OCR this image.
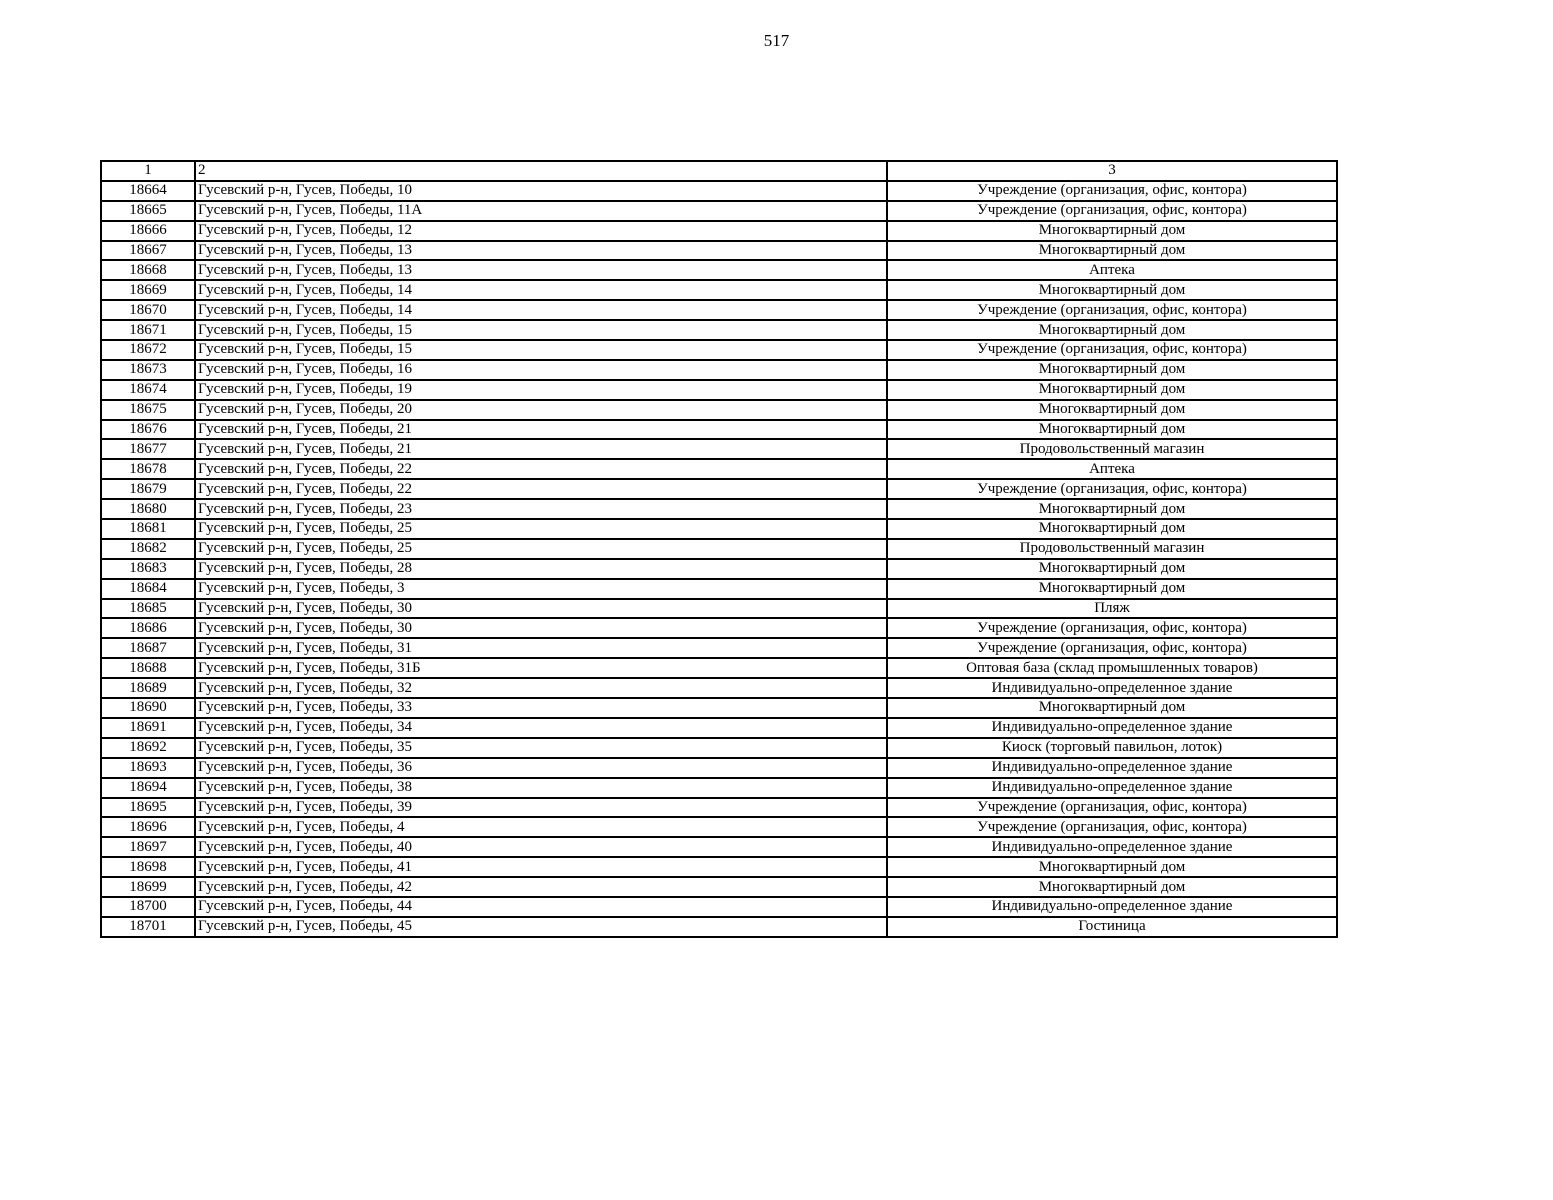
517
1	2	3
18664	Гусевский р-н, Гусев, Победы, 10	Учреждение (организация, офис, контора)
18665	Гусевский р-н, Гусев, Победы, 11А	Учреждение (организация, офис, контора)
18666	Гусевский р-н, Гусев, Победы, 12	Многоквартирный дом
18667	Гусевский р-н, Гусев, Победы, 13	Многоквартирный дом
18668	Гусевский р-н, Гусев, Победы, 13	Аптека
18669	Гусевский р-н, Гусев, Победы, 14	Многоквартирный дом
18670	Гусевский р-н, Гусев, Победы, 14	Учреждение (организация, офис, контора)
18671	Гусевский р-н, Гусев, Победы, 15	Многоквартирный дом
18672	Гусевский р-н, Гусев, Победы, 15	Учреждение (организация, офис, контора)
18673	Гусевский р-н, Гусев, Победы, 16	Многоквартирный дом
18674	Гусевский р-н, Гусев, Победы, 19	Многоквартирный дом
18675	Гусевский р-н, Гусев, Победы, 20	Многоквартирный дом
18676	Гусевский р-н, Гусев, Победы, 21	Многоквартирный дом
18677	Гусевский р-н, Гусев, Победы, 21	Продовольственный магазин
18678	Гусевский р-н, Гусев, Победы, 22	Аптека
18679	Гусевский р-н, Гусев, Победы, 22	Учреждение (организация, офис, контора)
18680	Гусевский р-н, Гусев, Победы, 23	Многоквартирный дом
18681	Гусевский р-н, Гусев, Победы, 25	Многоквартирный дом
18682	Гусевский р-н, Гусев, Победы, 25	Продовольственный магазин
18683	Гусевский р-н, Гусев, Победы, 28	Многоквартирный дом
18684	Гусевский р-н, Гусев, Победы, 3	Многоквартирный дом
18685	Гусевский р-н, Гусев, Победы, 30	Пляж
18686	Гусевский р-н, Гусев, Победы, 30	Учреждение (организация, офис, контора)
18687	Гусевский р-н, Гусев, Победы, 31	Учреждение (организация, офис, контора)
18688	Гусевский р-н, Гусев, Победы, 31Б	Оптовая база (склад промышленных товаров)
18689	Гусевский р-н, Гусев, Победы, 32	Индивидуально-определенное здание
18690	Гусевский р-н, Гусев, Победы, 33	Многоквартирный дом
18691	Гусевский р-н, Гусев, Победы, 34	Индивидуально-определенное здание
18692	Гусевский р-н, Гусев, Победы, 35	Киоск (торговый павильон, лоток)
18693	Гусевский р-н, Гусев, Победы, 36	Индивидуально-определенное здание
18694	Гусевский р-н, Гусев, Победы, 38	Индивидуально-определенное здание
18695	Гусевский р-н, Гусев, Победы, 39	Учреждение (организация, офис, контора)
18696	Гусевский р-н, Гусев, Победы, 4	Учреждение (организация, офис, контора)
18697	Гусевский р-н, Гусев, Победы, 40	Индивидуально-определенное здание
18698	Гусевский р-н, Гусев, Победы, 41	Многоквартирный дом
18699	Гусевский р-н, Гусев, Победы, 42	Многоквартирный дом
18700	Гусевский р-н, Гусев, Победы, 44	Индивидуально-определенное здание
18701	Гусевский р-н, Гусев, Победы, 45	Гостиница
